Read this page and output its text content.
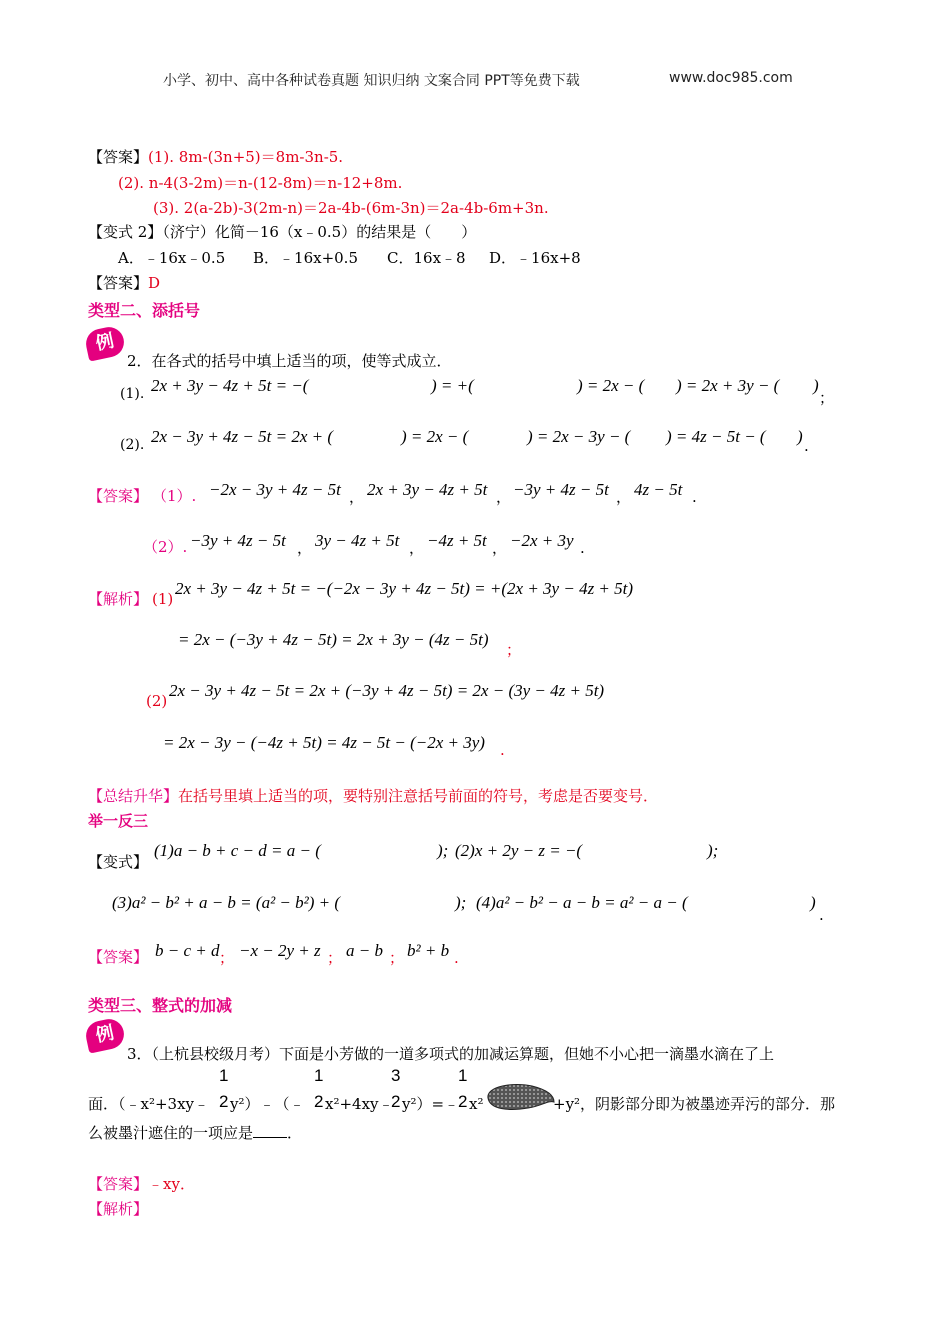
小学、初中、高中各种试卷真题 知识归纳 文案合同 PPT等免费下载	www.doc985.com
【答案】(1). 8m-(3n+5)＝8m-3n-5.
(2). n-4(3-2m)＝n-(12-8m)＝n-12+8m.
(3). 2(a-2b)-3(2m-n)＝2a-4b-(6m-3n)＝2a-4b-6m+3n.
【变式 2】（济宁）化简－16（x﹣0.5）的结果是（　　）
A．﹣16x﹣0.5 B．﹣16x+0.5 C．16x﹣8 D．﹣16x+8
【答案】D
类型二、添括号
例
2．在各式的括号中填上适当的项，使等式成立．
(1). 2x + 3y − 4z + 5t = −(	) = +(	) = 2x − ( ) = 2x + 3y − ( )
；
(2). 2x − 3y + 4z − 5t = 2x + (	) = 2x − (	) = 2x − 3y − ( ) = 4z − 5t − ( ) .
【答案】 （1）. −2x − 3y + 4z − 5t ， 2x + 3y − 4z + 5t ， −3y + 4z − 5t ， 4z − 5t .
（2）. −3y + 4z − 5t ， 3y − 4z + 5t ， −4z + 5t ， −2x + 3y .
【解析】 (1)
2x + 3y − 4z + 5t = −(−2x − 3y + 4z − 5t) = +(2x + 3y − 4z + 5t)
= 2x − (−3y + 4z − 5t) = 2x + 3y − (4z − 5t)
；
(2)
2x − 3y + 4z − 5t = 2x + (−3y + 4z − 5t) = 2x − (3y − 4z + 5t)
= 2x − 3y − (−4z + 5t) = 4z − 5t − (−2x + 3y) .
【总结升华】在括号里填上适当的项，要特别注意括号前面的符号，考虑是否要变号．
举一反三
【变式】
(1)a − b + c − d = a − (	); (2)x + 2y − z = −(	);
(3)a² − b² + a − b = (a² − b²) + (	); (4)a² − b² − a − b = a² − a − (	)
.
【答案】 b − c + d ； −x − 2y + z ； a − b ； b² + b .
类型三、整式的加减
例
3．（上杭县校级月考）下面是小芳做的一道多项式的加减运算题，但她不小心把一滴墨水滴在了上
1	1	3	1
面．（﹣x²+3xy﹣ 2 y²）﹣（﹣ 2 x²+4xy﹣
2 y²）=﹣
2 x²	+y²，阴影部分即为被墨迹弄污的部分．那
么被墨汁遮住的一项应是 ．
【答案】﹣xy．
【解析】
